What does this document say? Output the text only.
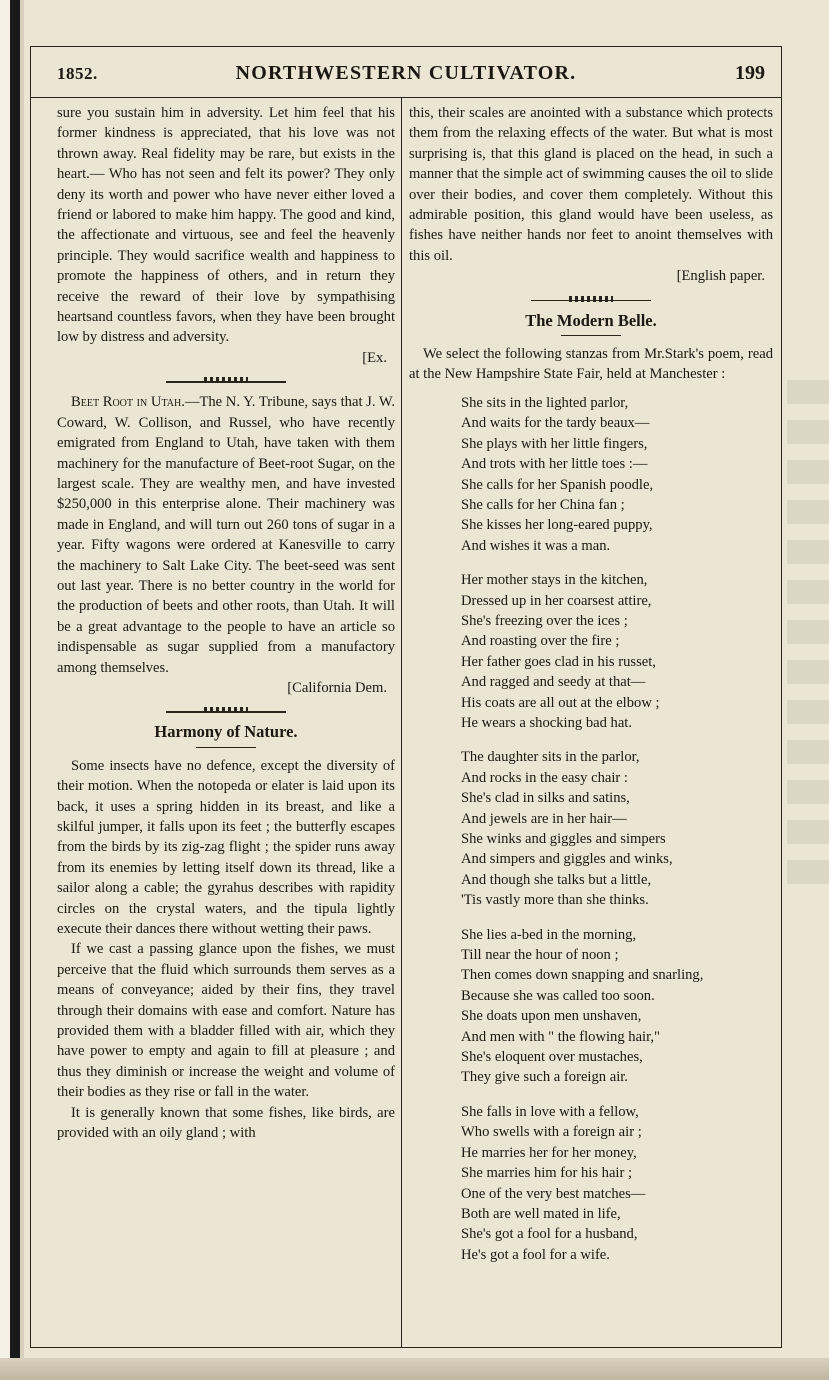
1852.	NORTHWESTERN CULTIVATOR.	199

sure you sustain him in adversity. Let him feel that his former kindness is appreciated, that his love was not thrown away. Real fidelity may be rare, but exists in the heart.— Who has not seen and felt its power? They only deny its worth and power who have never either loved a friend or labored to make him happy. The good and kind, the affectionate and virtuous, see and feel the heavenly principle. They would sacrifice wealth and happiness to promote the happiness of others, and in return they receive the reward of their love by sympathising heartsand countless favors, when they have been brought low by distress and adversity.

[Ex.

Beet Root in Utah.—The N. Y. Tribune, says that J. W. Coward, W. Collison, and Russel, who have recently emigrated from England to Utah, have taken with them machinery for the manufacture of Beet-root Sugar, on the largest scale. They are wealthy men, and have invested $250,000 in this enterprise alone. Their machinery was made in England, and will turn out 260 tons of sugar in a year. Fifty wagons were ordered at Kanesville to carry the machinery to Salt Lake City. The beet-seed was sent out last year. There is no better country in the world for the production of beets and other roots, than Utah. It will be a great advantage to the people to have an article so indispensable as sugar supplied from a manufactory among themselves.

[California Dem.

Harmony of Nature.

Some insects have no defence, except the diversity of their motion. When the notopeda or elater is laid upon its back, it uses a spring hidden in its breast, and like a skilful jumper, it falls upon its feet ; the butterfly escapes from the birds by its zig-zag flight ; the spider runs away from its enemies by letting itself down its thread, like a sailor along a cable; the gyrahus describes with rapidity circles on the crystal waters, and the tipula lightly execute their dances there without wetting their paws.

If we cast a passing glance upon the fishes, we must perceive that the fluid which surrounds them serves as a means of conveyance; aided by their fins, they travel through their domains with ease and comfort. Nature has provided them with a bladder filled with air, which they have power to empty and again to fill at pleasure ; and thus they diminish or increase the weight and volume of their bodies as they rise or fall in the water.

It is generally known that some fishes, like birds, are provided with an oily gland ; with

this, their scales are anointed with a substance which protects them from the relaxing effects of the water. But what is most surprising is, that this gland is placed on the head, in such a manner that the simple act of swimming causes the oil to slide over their bodies, and cover them completely. Without this admirable position, this gland would have been useless, as fishes have neither hands nor feet to anoint themselves with this oil.

[English paper.

The Modern Belle.

We select the following stanzas from Mr.Stark's poem, read at the New Hampshire State Fair, held at Manchester :

She sits in the lighted parlor,
And waits for the tardy beaux—
She plays with her little fingers,
And trots with her little toes :—
She calls for her Spanish poodle,
She calls for her China fan ;
She kisses her long-eared puppy,
And wishes it was a man.
Her mother stays in the kitchen,
Dressed up in her coarsest attire,
She's freezing over the ices ;
And roasting over the fire ;
Her father goes clad in his russet,
And ragged and seedy at that—
His coats are all out at the elbow ;
He wears a shocking bad hat.
The daughter sits in the parlor,
And rocks in the easy chair :
She's clad in silks and satins,
And jewels are in her hair—
She winks and giggles and simpers
And simpers and giggles and winks,
And though she talks but a little,
'Tis vastly more than she thinks.
She lies a-bed in the morning,
Till near the hour of noon ;
Then comes down snapping and snarling,
Because she was called too soon.
She doats upon men unshaven,
And men with " the flowing hair,"
She's eloquent over mustaches,
They give such a foreign air.
She falls in love with a fellow,
Who swells with a foreign air ;
He marries her for her money,
She marries him for his hair ;
One of the very best matches—
Both are well mated in life,
She's got a fool for a husband,
He's got a fool for a wife.
